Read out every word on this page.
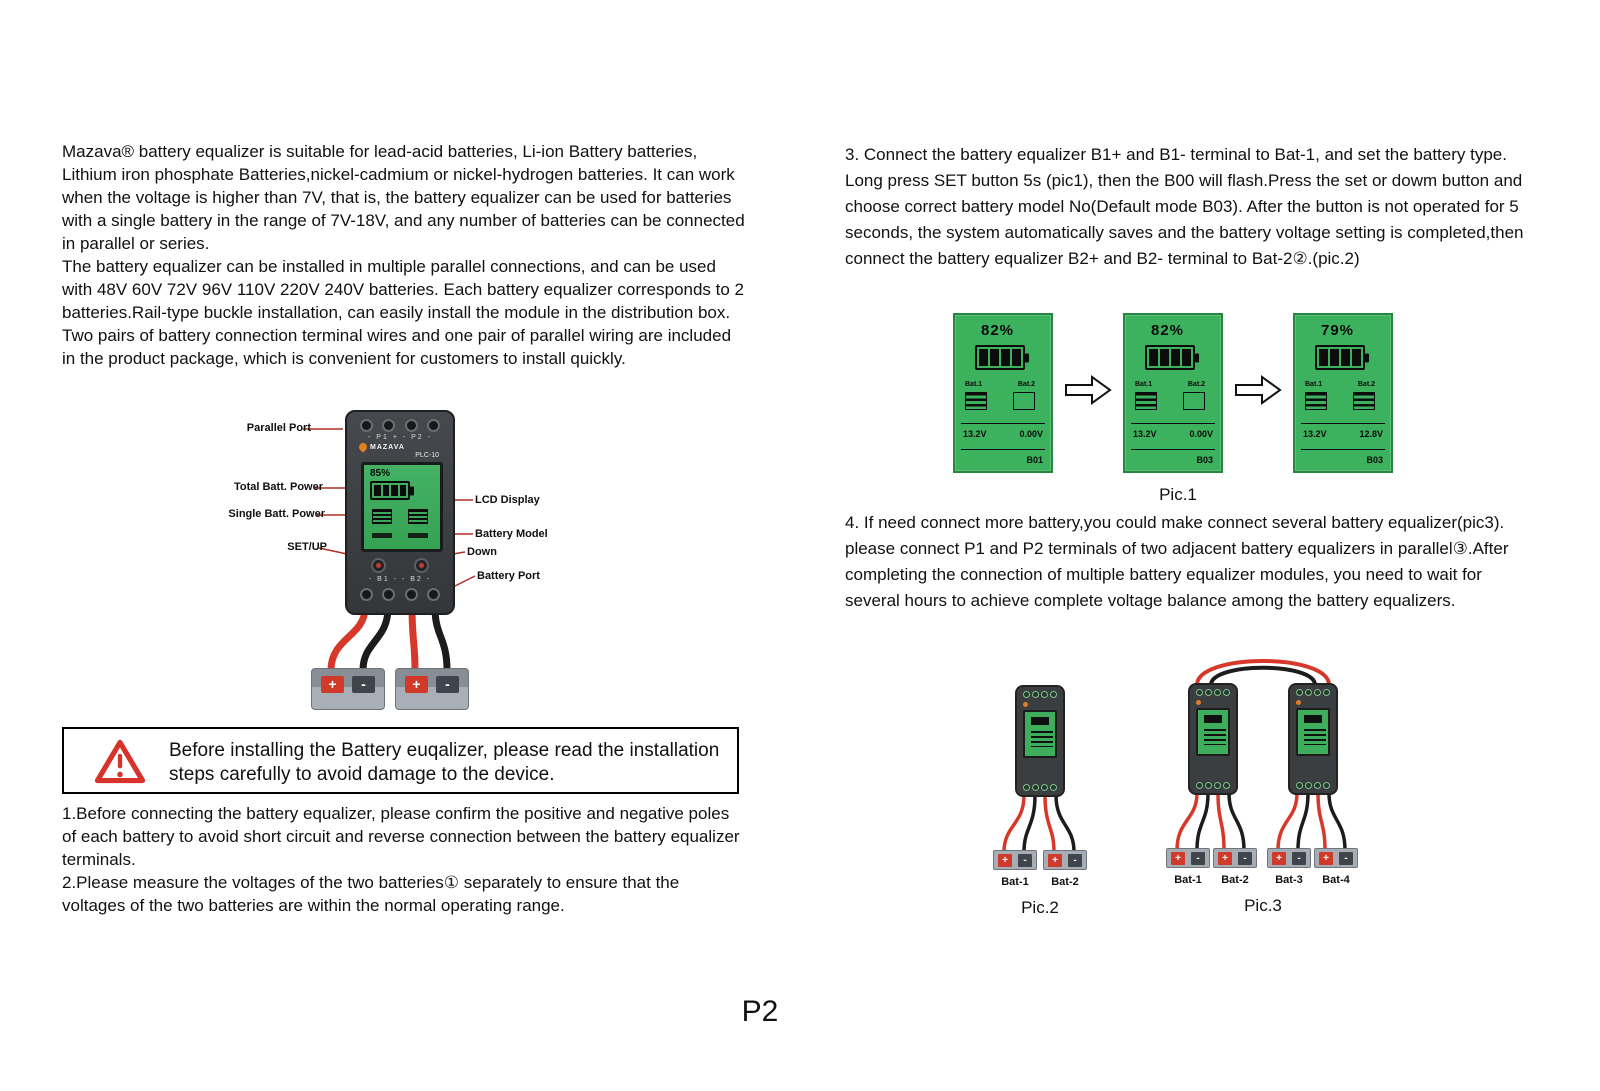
Mazava® battery equalizer is suitable for lead-acid batteries, Li-ion Battery batteries, Lithium iron phosphate Batteries,nickel-cadmium or nickel-hydrogen batteries. It can work when the voltage is higher than 7V, that is, the battery equalizer can be used for batteries with a single battery in the range of 7V-18V, and any number of batteries can be connected in parallel or series.

The battery equalizer can be installed in multiple parallel connections, and can be used with 48V 60V 72V 96V 110V 220V 240V batteries. Each battery equalizer corresponds to 2 batteries.Rail-type buckle installation, can easily install the module in the distribution box.

Two pairs of battery connection terminal wires and one pair of parallel wiring are included in the product package, which is convenient for customers to install quickly.

- P1 + - P2 -
MAZAVA
PLC-10
85%
- B1 - - B2 -
+	-	+	-
Parallel Port
Total Batt. Power
Single Batt. Power
SET/UP
LCD Display
Battery Model
Down
Battery Port
Before installing the Battery euqalizer, please read the installation steps carefully to avoid damage to the device.

1.Before connecting the battery equalizer, please confirm the positive and negative poles of each battery to avoid short circuit and reverse connection between the battery equalizer terminals.

2.Please measure the voltages of the two batteries① separately to ensure that the voltages of the two batteries are within the normal operating range.

3. Connect the battery equalizer B1+ and B1- terminal to Bat-1, and set the battery type. Long press SET button 5s (pic1), then the B00 will flash.Press the set or dowm button and choose correct battery model No(Default mode B03). After the button is not operated for 5 seconds, the system automatically saves and the battery voltage setting is completed,then connect the battery equalizer B2+ and B2- terminal to Bat-2②.(pic.2)

82%
Bat.1	Bat.2
13.2V	0.00V
B01
82%
Bat.1	Bat.2
13.2V	0.00V
B03
79%
Bat.1	Bat.2
13.2V	12.8V
B03
Pic.1

4. If need connect more battery,you could make connect several battery equalizer(pic3). please connect P1 and P2 terminals of two adjacent battery equalizers in parallel③.After completing the connection of multiple battery equalizer modules, you need to wait for several hours to achieve complete voltage balance among the battery equalizers.

+	-	+	-
Bat-1	Bat-2
Pic.2
+	-	+	-	+	-	+	-
Bat-1	Bat-2	Bat-3	Bat-4
Pic.3
P2
